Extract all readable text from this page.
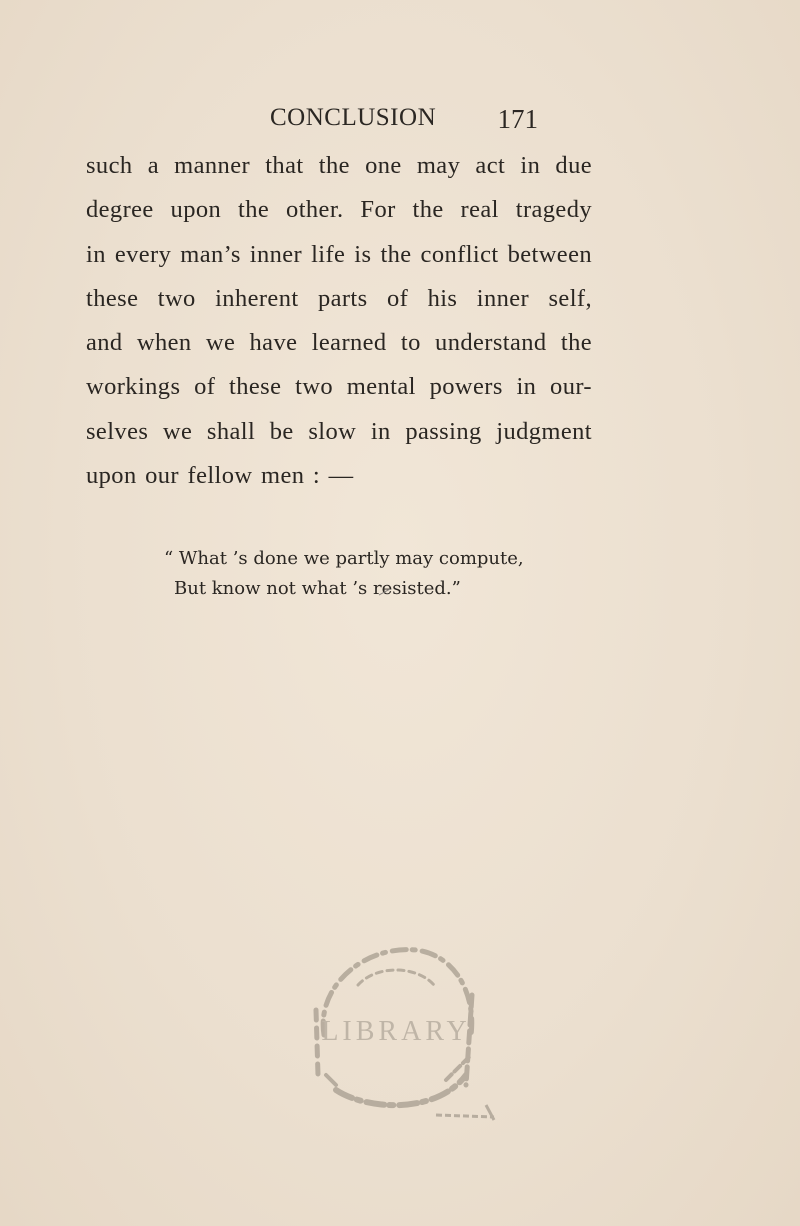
CONCLUSION 171
such a manner that the one may act in due
degree upon the other. For the real tragedy
in every man’s inner life is the conflict between
these two inherent parts of his inner self,
and when we have learned to understand the
workings of these two mental powers in our-
selves we shall be slow in passing judgment
upon our fellow men : —
“ What ’s done we partly may compute,
But know not what ’s resisted.”
LIBRARY
